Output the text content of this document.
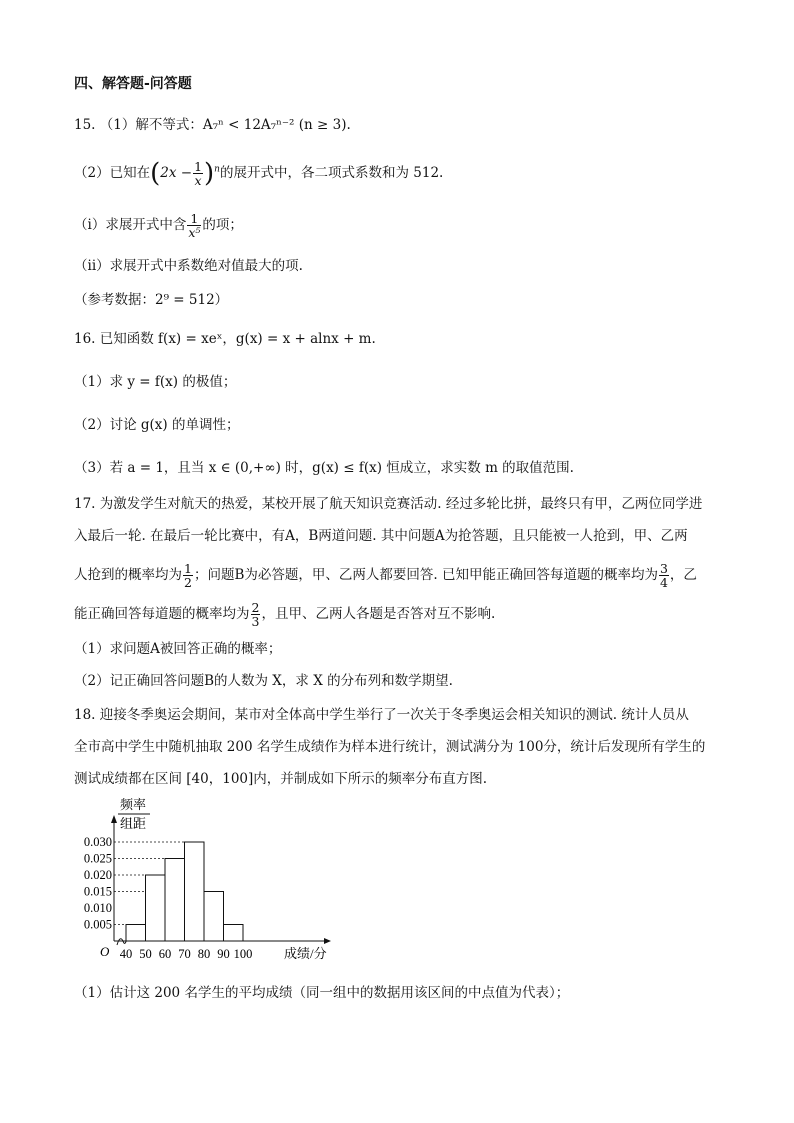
四、解答题-问答题
15. （1）解不等式：A₇ⁿ < 12A₇ⁿ⁻² (n ≥ 3).
（2）已知在$(2x - \frac{1}{x} )^n$的展开式中，各二项式系数和为 512.
（i）求展开式中含 $\frac{1}{\text{x⁵}}$ 的项；
（ii）求展开式中系数绝对值最大的项.
（参考数据：2⁹ = 512）
16. 已知函数 f(x) = xeˣ，g(x) = x + alnx + m.
（1）求 y = f(x) 的极值；
（2）讨论 g(x) 的单调性；
（3）若 a = 1，且当 x ∈ (0,+∞) 时，g(x) ≤ f(x) 恒成立，求实数 m 的取值范围.
17. 为激发学生对航天的热爱，某校开展了航天知识竞赛活动. 经过多轮比拼，最终只有甲，乙两位同学进
入最后一轮. 在最后一轮比赛中，有A，B两道问题. 其中问题A为抢答题，且只能被一人抢到，甲、乙两
人抢到的概率均为 $\frac{1}{2}$ ；问题B为必答题，甲、乙两人都要回答. 已知甲能正确回答每道题的概率均为 $\frac{3}{4}$ ，乙
能正确回答每道题的概率均为 $\frac{2}{3}$ ，且甲、乙两人各题是否答对互不影响.
（1）求问题A被回答正确的概率；
（2）记正确回答问题B的人数为 X，求 X 的分布列和数学期望.
18. 迎接冬季奥运会期间，某市对全体高中学生举行了一次关于冬季奥运会相关知识的测试. 统计人员从
全市高中学生中随机抽取 200 名学生成绩作为样本进行统计，测试满分为 100分，统计后发现所有学生的
测试成绩都在区间 [40，100]内，并制成如下所示的频率分布直方图.
频率
组距
O
0.030
0.025
0.020
0.015
0.010
0.005
40 50 60 70 80 90 100 成绩/分
（1）估计这 200 名学生的平均成绩（同一组中的数据用该区间的中点值为代表）；
